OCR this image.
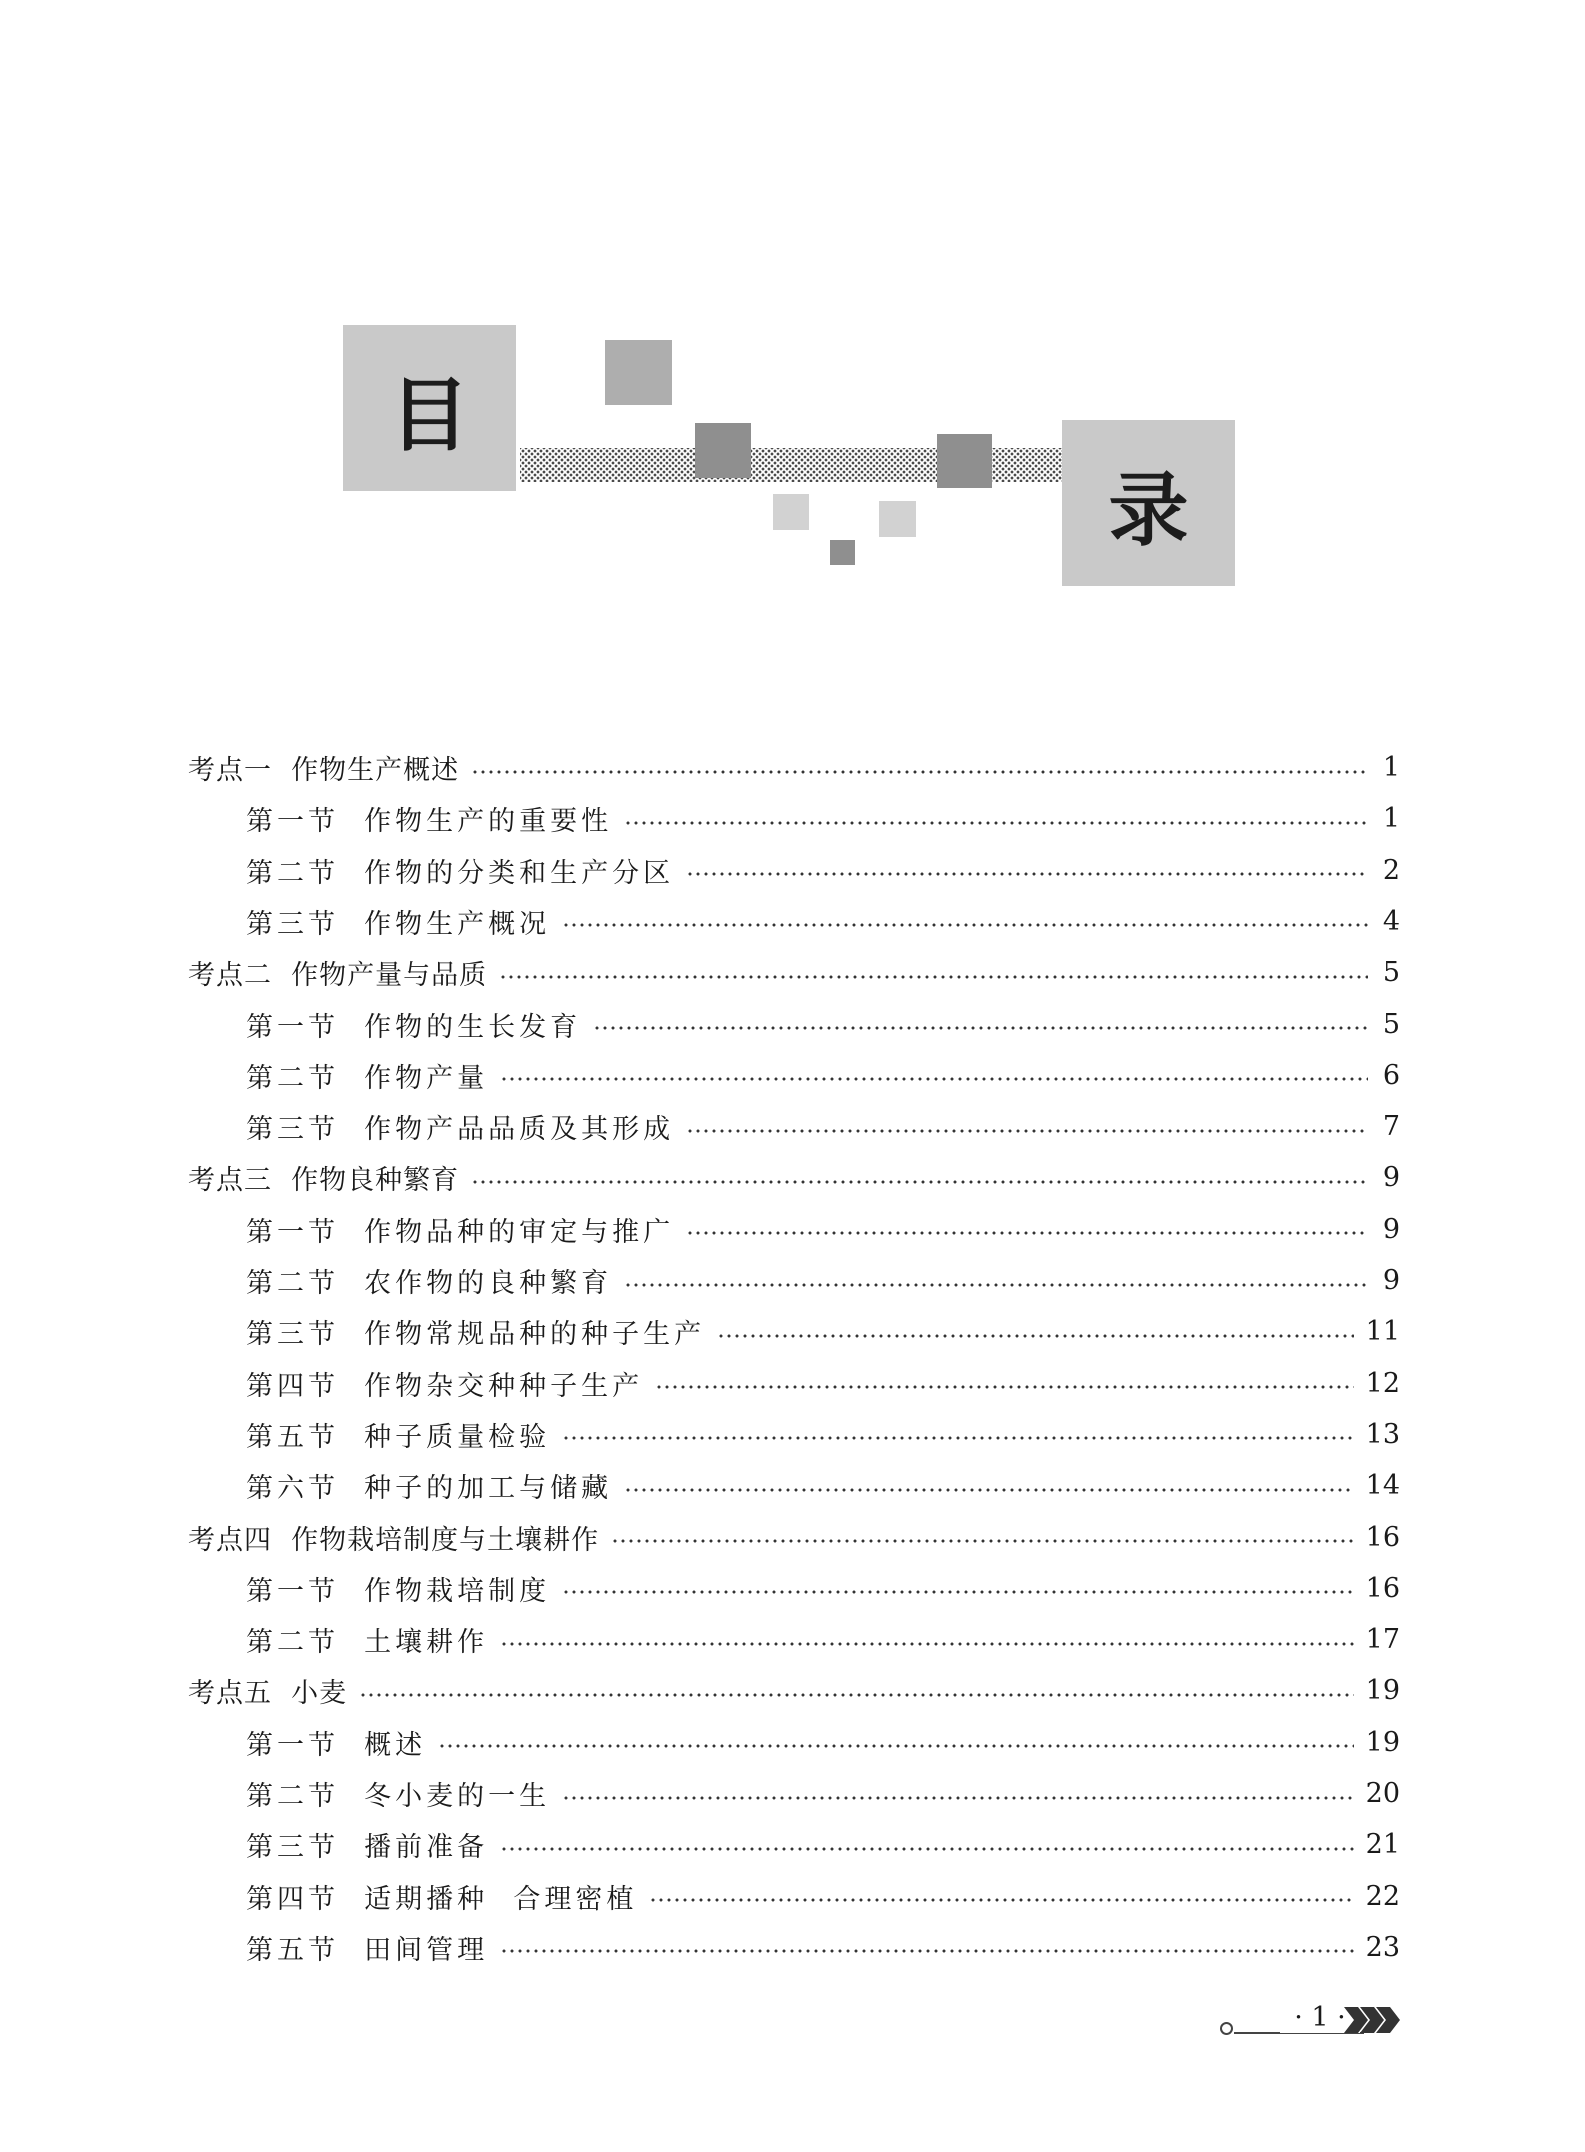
目
录
考点一  作物生产概述	1
第一节  作物生产的重要性	1
第二节  作物的分类和生产分区	2
第三节  作物生产概况	4
考点二  作物产量与品质	5
第一节  作物的生长发育	5
第二节  作物产量	6
第三节  作物产品品质及其形成	7
考点三  作物良种繁育	9
第一节  作物品种的审定与推广	9
第二节  农作物的良种繁育	9
第三节  作物常规品种的种子生产	11
第四节  作物杂交种种子生产	12
第五节  种子质量检验	13
第六节  种子的加工与储藏	14
考点四  作物栽培制度与土壤耕作	16
第一节  作物栽培制度	16
第二节  土壤耕作	17
考点五  小麦	19
第一节  概述	19
第二节  冬小麦的一生	20
第三节  播前准备	21
第四节  适期播种  合理密植	22
第五节  田间管理	23
· 1 ·
